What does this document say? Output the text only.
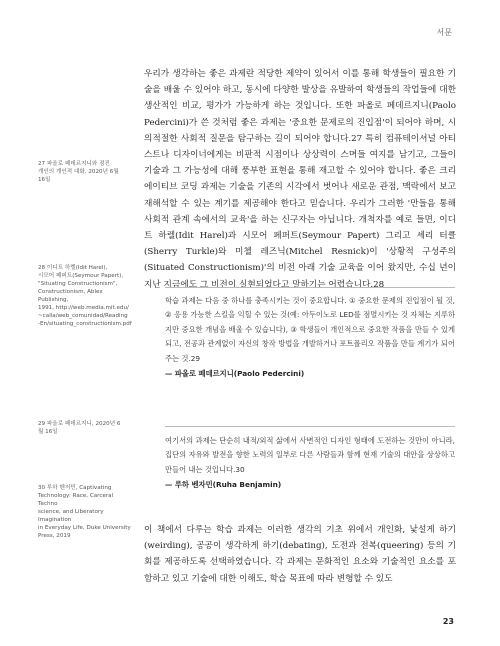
서문
27 파올로 페데르지니와 점진
개인의 개인적 대화, 2020년 6월
16일
28 이디트 하렐(Idit Harel),
시모어 페퍼트(Seymour Papert),
"Situating Constructionism",
Constructionism, Ablex Publishing,
1991, http://web.media.mit.edu/
~calla/web_comunidad/Reading
-En/situating_constructionism.pdf
29 파올로 페데르지니, 2020년 6
월 16일
30 루하 벤저민, Captivating
Technology: Race, Carceral Techno
science, and Liberatory Imagination
in Everyday Life, Duke University
Press, 2019
우리가 생각하는 좋은 과제란 적당한 제약이 있어서 이를 통해 학생들이 필요한 기술을 배울 수 있어야 하고, 동시에 다양한 발상을 유발하여 학생들의 작업들에 대한 생산적인 비교, 평가가 가능하게 하는 것입니다. 또한 파올로 페데르지니(Paolo Pedercini)가 쓴 것처럼 좋은 과제는 '중요한 문제로의 진입점'이 되어야 하며, 시의적절한 사회적 질문을 탐구하는 길이 되어야 합니다.27 특히 컴퓨테이셔널 아티스트나 디자이너에게는 비판적 시점이나 상상력이 스며들 여지를 남기고, 그들이 기술과 그 가능성에 대해 풍부한 표현을 통해 재고할 수 있어야 합니다. 좋은 크리에이티브 코딩 과제는 기술을 기존의 시각에서 벗어나 새로운 관점, 맥락에서 보고 재해석할 수 있는 계기를 제공해야 한다고 믿습니다. 우리가 그러한 '만들음 통해 사회적 관계 속에서의 교육'을 하는 신구자는 아닙니다. 개척자를 예로 들면, 이디트 하렐(Idit Harel)과 시모어 페퍼트(Seymour Papert) 그리고 셰리 터클(Sherry Turkle)와 미첼 레즈닉(Mitchel Resnick)이 '상황적 구성주의(Situated Constructionism)'의 비전 아래 기술 교육을 이어 왔지만, 수십 년이 지난 지금에도 그 비전이 실현되었다고 말하기는 어렵습니다.28
학습 과제는 다음 중 하나를 충족시키는 것이 중요합니다. ① 중요한 문제의 진입점이 될 것, ② 응용 가능한 스킬을 익힐 수 있는 것(예: 아두이노로 LED를 점멸시키는 것 자체는 지루하지만 중요한 개념을 배울 수 있습니다), ③ 학생들이 개인적으로 중요한 작품을 만들 수 있게 되고, 전공과 관계없이 자신의 창작 방법을 개발하거나 포트폴리오 작품을 만들 계기가 되어 주는 것.29
— 파올로 페데르지니(Paolo Pedercini)
여기서의 과제는 단순히 내적/외적 삶에서 사변적인 디자인 형태에 도전하는 것만이 아니라, 집단의 자유와 발전을 향한 노력의 일부로 다른 사람들과 함께 현재 기술의 대안을 상상하고 만들어 내는 것입니다.30
— 루하 벤자민(Ruha Benjamin)
이 책에서 다루는 학습 과제는 이러한 생각의 기초 위에서 개인화, 낯설게 하기(weirding), 공공이 생각하게 하기(debating), 도전과 전복(queering) 등의 기회를 제공하도록 선택하였습니다. 각 과제는 문화적인 요소와 기술적인 요소를 포함하고 있고 기술에 대한 이해도, 학습 목표에 따라 변형할 수 있도
23
